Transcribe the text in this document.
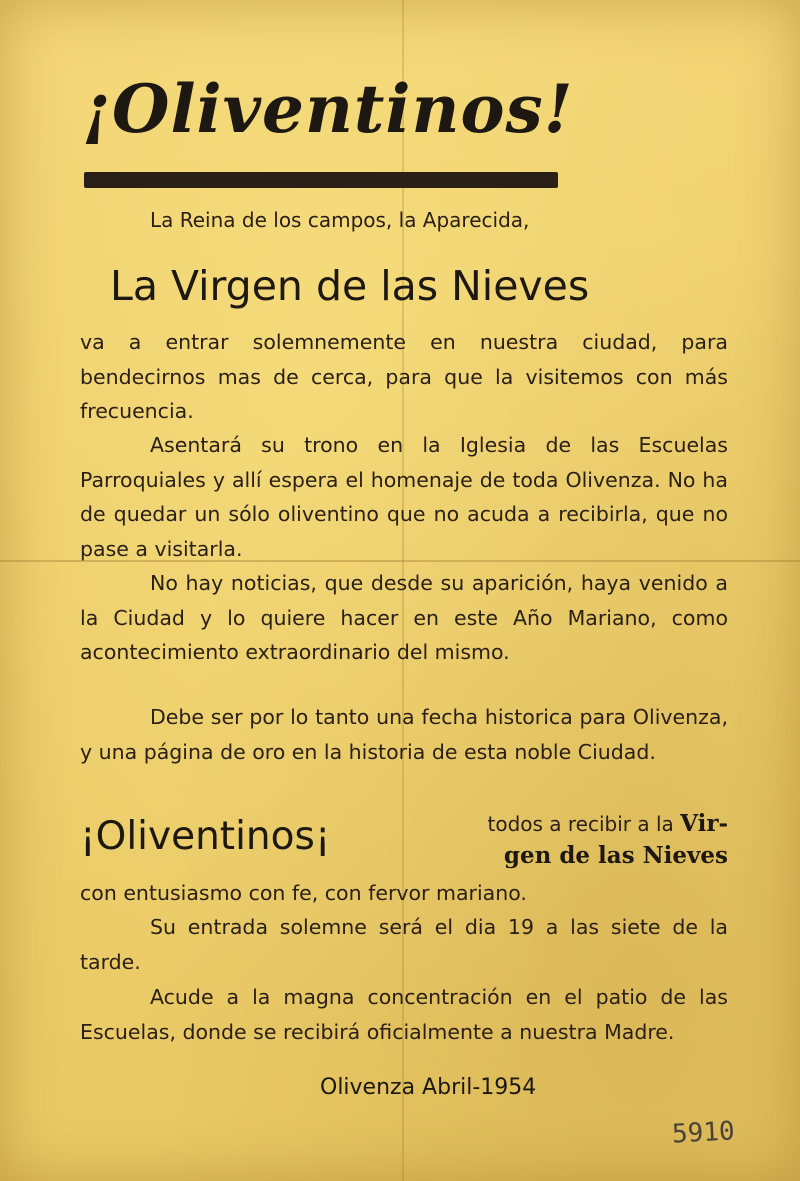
¡Oliventinos!
La Reina de los campos, la Aparecida,
La Virgen de las Nieves

va a entrar solemnemente en nuestra ciudad, para bendecirnos mas de cerca, para que la visitemos con más frecuencia.

Asentará su trono en la Iglesia de las Escuelas Parroquiales y allí espera el homenaje de toda Olivenza. No ha de quedar un sólo oliventino que no acuda a recibirla, que no pase a visitarla.

No hay noticias, que desde su aparición, haya venido a la Ciudad y lo quiere hacer en este Año Mariano, como acontecimiento extraordinario del mismo.

Debe ser por lo tanto una fecha historica para Olivenza, y una página de oro en la historia de esta noble Ciudad.

¡Oliventinos¡	todos a recibir a la Vir-
gen de las Nieves

con entusiasmo con fe, con fervor mariano.

Su entrada solemne será el dia 19 a las siete de la tarde.

Acude a la magna concentración en el patio de las Escuelas, donde se recibirá oficialmente a nuestra Madre.

Olivenza Abril-1954
5910
